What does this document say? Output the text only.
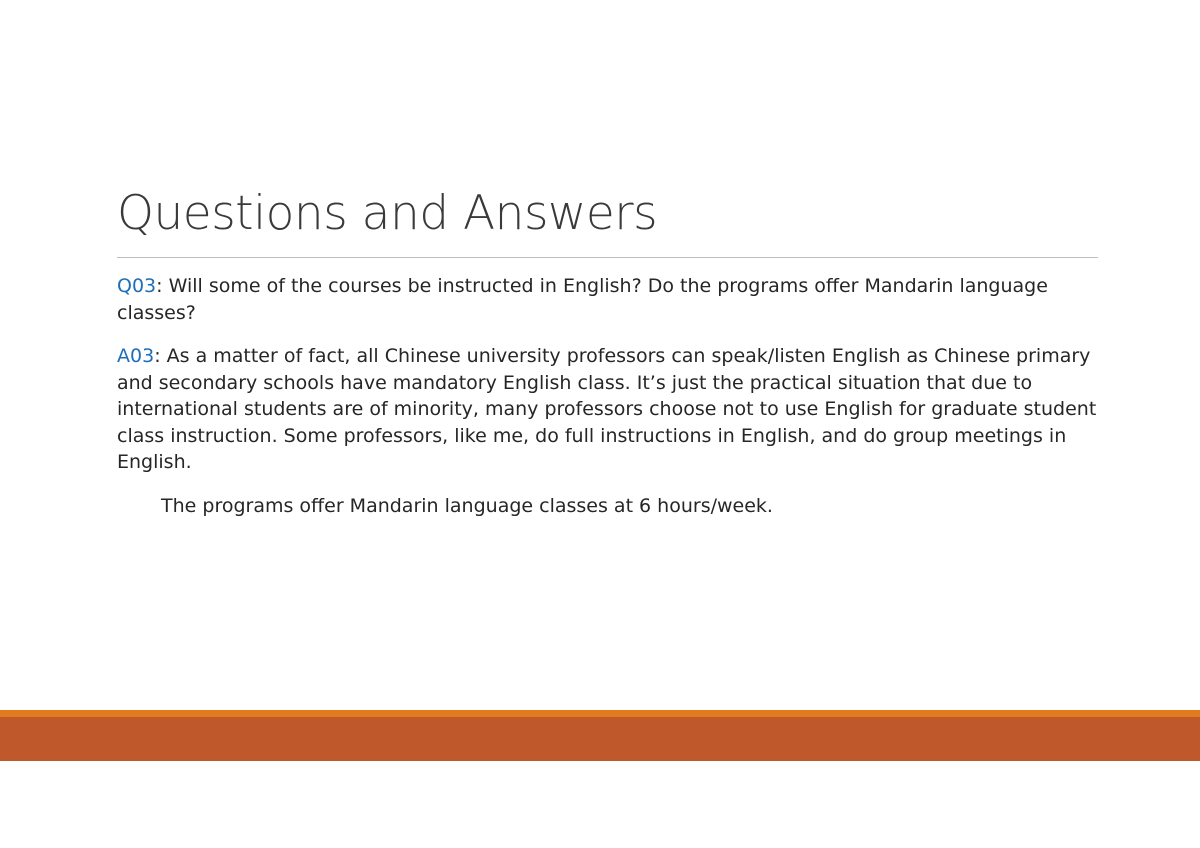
Questions and Answers

Q03: Will some of the courses be instructed in English? Do the programs offer Mandarin language classes?

A03: As a matter of fact, all Chinese university professors can speak/listen English as Chinese primary and secondary schools have mandatory English class. It’s just the practical situation that due to international students are of minority, many professors choose not to use English for graduate student class instruction. Some professors, like me, do full instructions in English, and do group meetings in English.

The programs offer Mandarin language classes at 6 hours/week.
